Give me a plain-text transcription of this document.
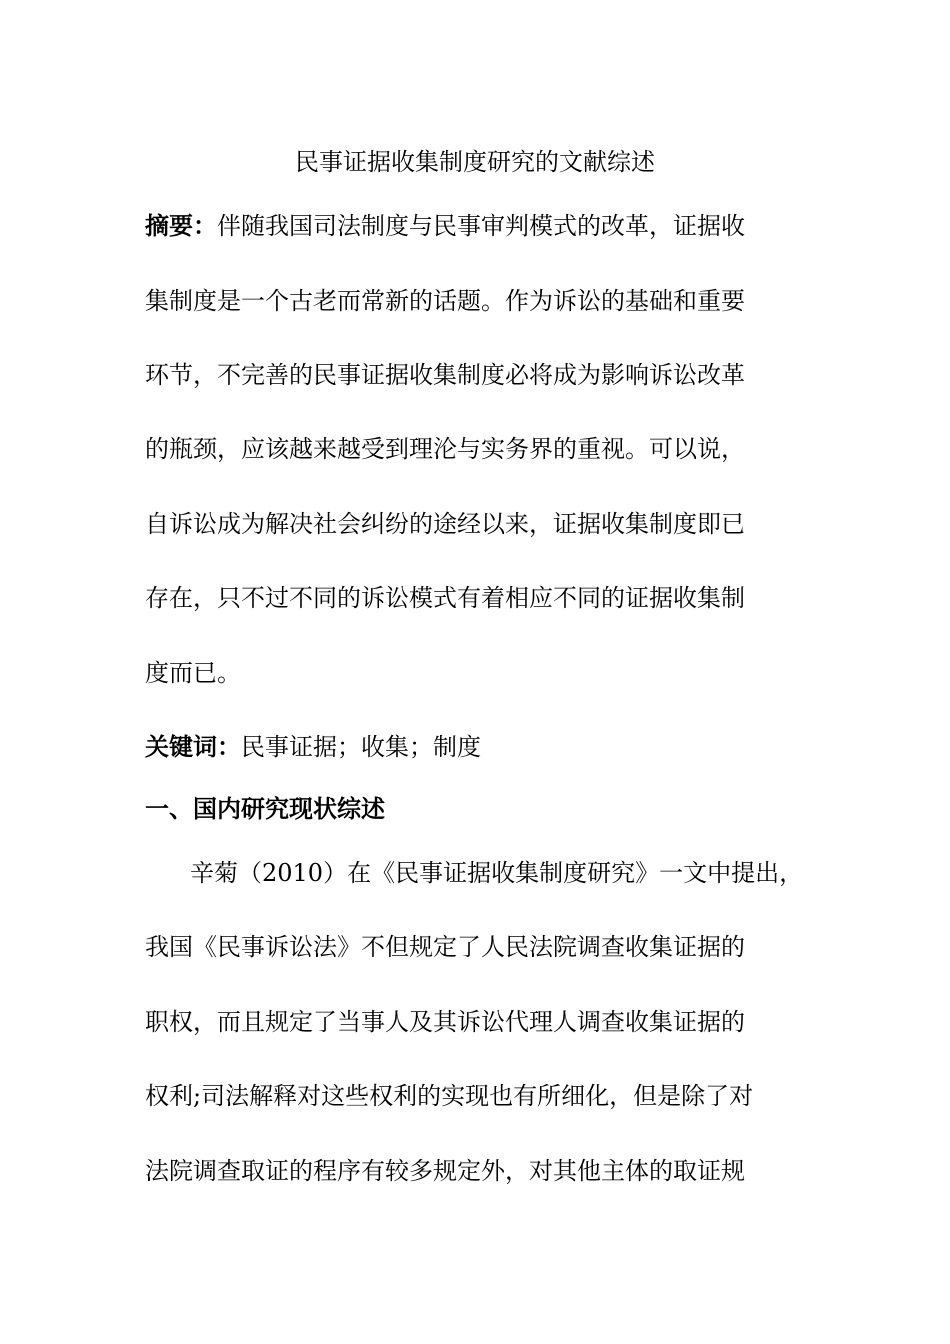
民事证据收集制度研究的文献综述
摘要：伴随我国司法制度与民事审判模式的改革，证据收
集制度是一个古老而常新的话题。作为诉讼的基础和重要
环节，不完善的民事证据收集制度必将成为影响诉讼改革
的瓶颈，应该越来越受到理沦与实务界的重视。可以说，
自诉讼成为解决社会纠纷的途经以来，证据收集制度即已
存在，只不过不同的诉讼模式有着相应不同的证据收集制
度而已。
关键词：民事证据；收集；制度
一、国内研究现状综述
辛菊（2010）在《民事证据收集制度研究》一文中提出，
我国《民事诉讼法》不但规定了人民法院调查收集证据的
职权，而且规定了当事人及其诉讼代理人调查收集证据的
权利;司法解释对这些权利的实现也有所细化，但是除了对
法院调查取证的程序有较多规定外，对其他主体的取证规
